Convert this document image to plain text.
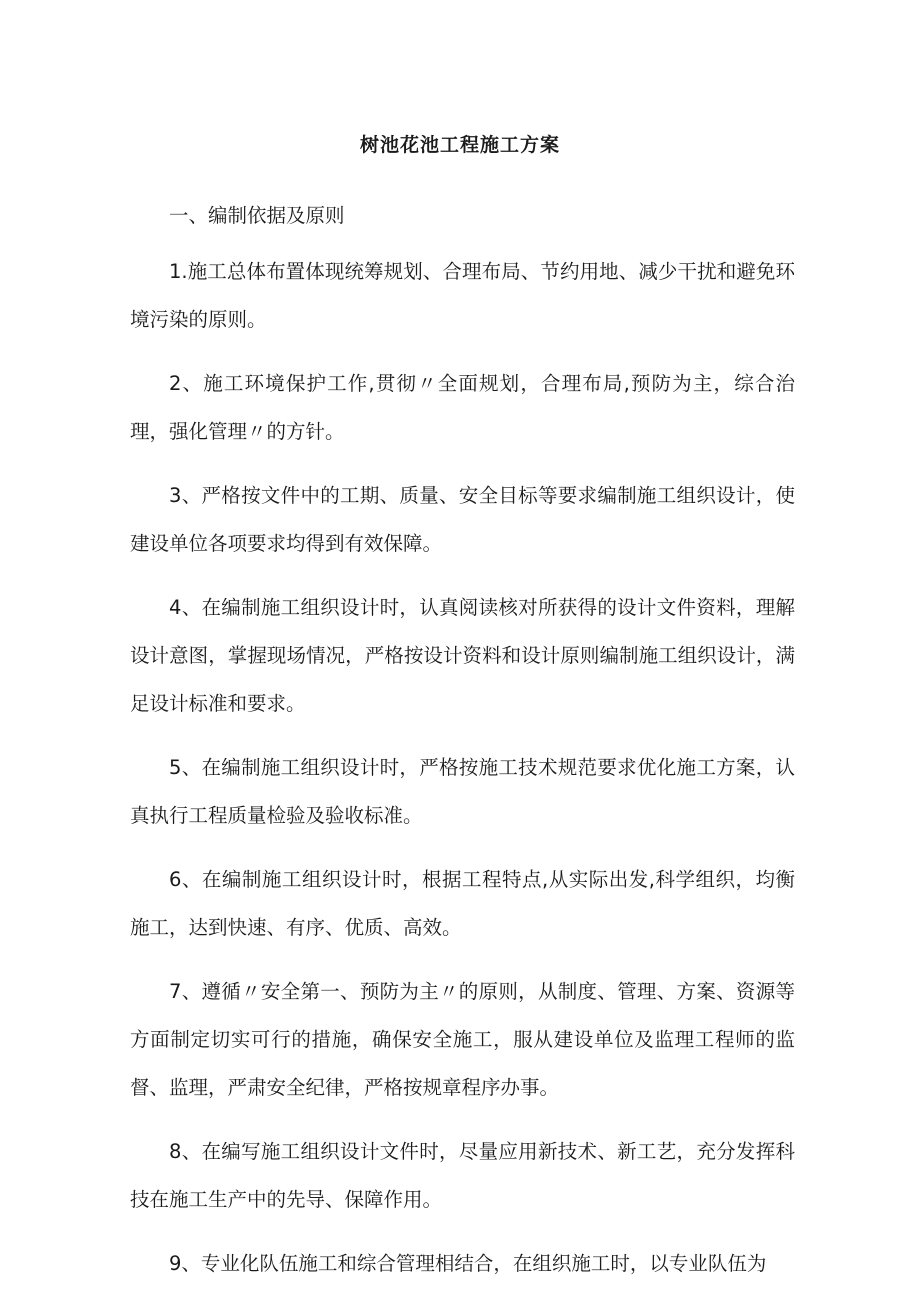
树池花池工程施工方案

一、编制依据及原则

1.施工总体布置体现统筹规划、合理布局、节约用地、减少干扰和避免环境污染的原则。

2、施工环境保护工作,贯彻〃全面规划，合理布局,预防为主，综合治理，强化管理〃的方针。

3、严格按文件中的工期、质量、安全目标等要求编制施工组织设计，使建设单位各项要求均得到有效保障。

4、在编制施工组织设计时，认真阅读核对所获得的设计文件资料，理解设计意图，掌握现场情况，严格按设计资料和设计原则编制施工组织设计，满足设计标准和要求。

5、在编制施工组织设计时，严格按施工技术规范要求优化施工方案，认真执行工程质量检验及验收标准。

6、在编制施工组织设计时，根据工程特点,从实际出发,科学组织，均衡施工，达到快速、有序、优质、高效。

7、遵循〃安全第一、预防为主〃的原则，从制度、管理、方案、资源等方面制定切实可行的措施，确保安全施工，服从建设单位及监理工程师的监督、监理，严肃安全纪律，严格按规章程序办事。

8、在编写施工组织设计文件时，尽量应用新技术、新工艺，充分发挥科技在施工生产中的先导、保障作用。

9、专业化队伍施工和综合管理相结合，在组织施工时，以专业队伍为
